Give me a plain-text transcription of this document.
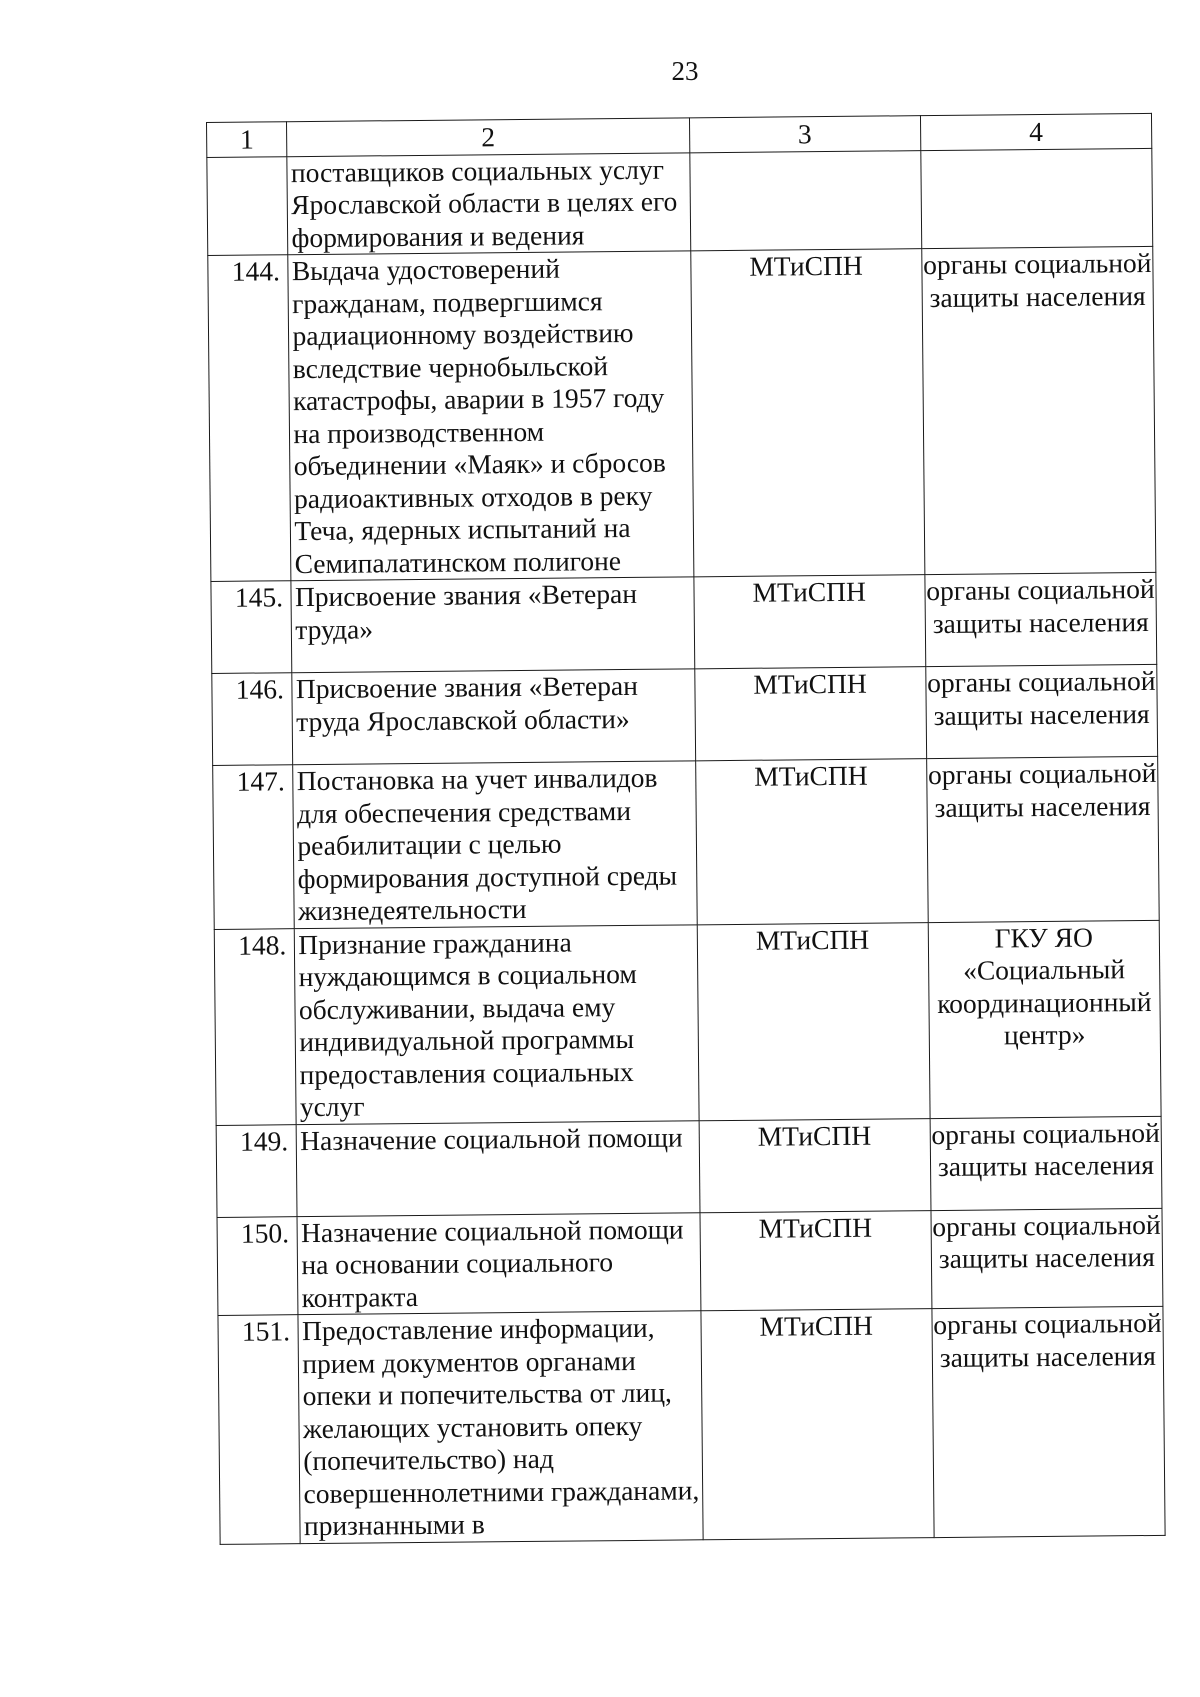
23
1	2	3	4
	поставщиков социальных услуг Ярославской области в целях его формирования и ведения		
144.	Выдача удостоверений гражданам, подвергшимся радиационному воздействию вследствие чернобыльской катастрофы, аварии в 1957 году на производственном объединении «Маяк» и сбросов радиоактивных отходов в реку Теча, ядерных испытаний на Семипалатинском полигоне	МТиСПН	органы социальной защиты населения
145.	Присвоение звания «Ветеран труда»	МТиСПН	органы социальной защиты населения
146.	Присвоение звания «Ветеран труда Ярославской области»	МТиСПН	органы социальной защиты населения
147.	Постановка на учет инвалидов для обеспечения средствами реабилитации с целью формирования доступной среды жизнедеятельности	МТиСПН	органы социальной защиты населения
148.	Признание гражданина нуждающимся в социальном обслуживании, выдача ему индивидуальной программы предоставления социальных услуг	МТиСПН	ГКУ ЯО «Социальный координационный центр»
149.	Назначение социальной помощи	МТиСПН	органы социальной защиты населения
150.	Назначение социальной помощи на основании социального контракта	МТиСПН	органы социальной защиты населения
151.	Предоставление информации, прием документов органами опеки и попечительства от лиц, желающих установить опеку (попечительство) над совершеннолетними гражданами, признанными в	МТиСПН	органы социальной защиты населения
